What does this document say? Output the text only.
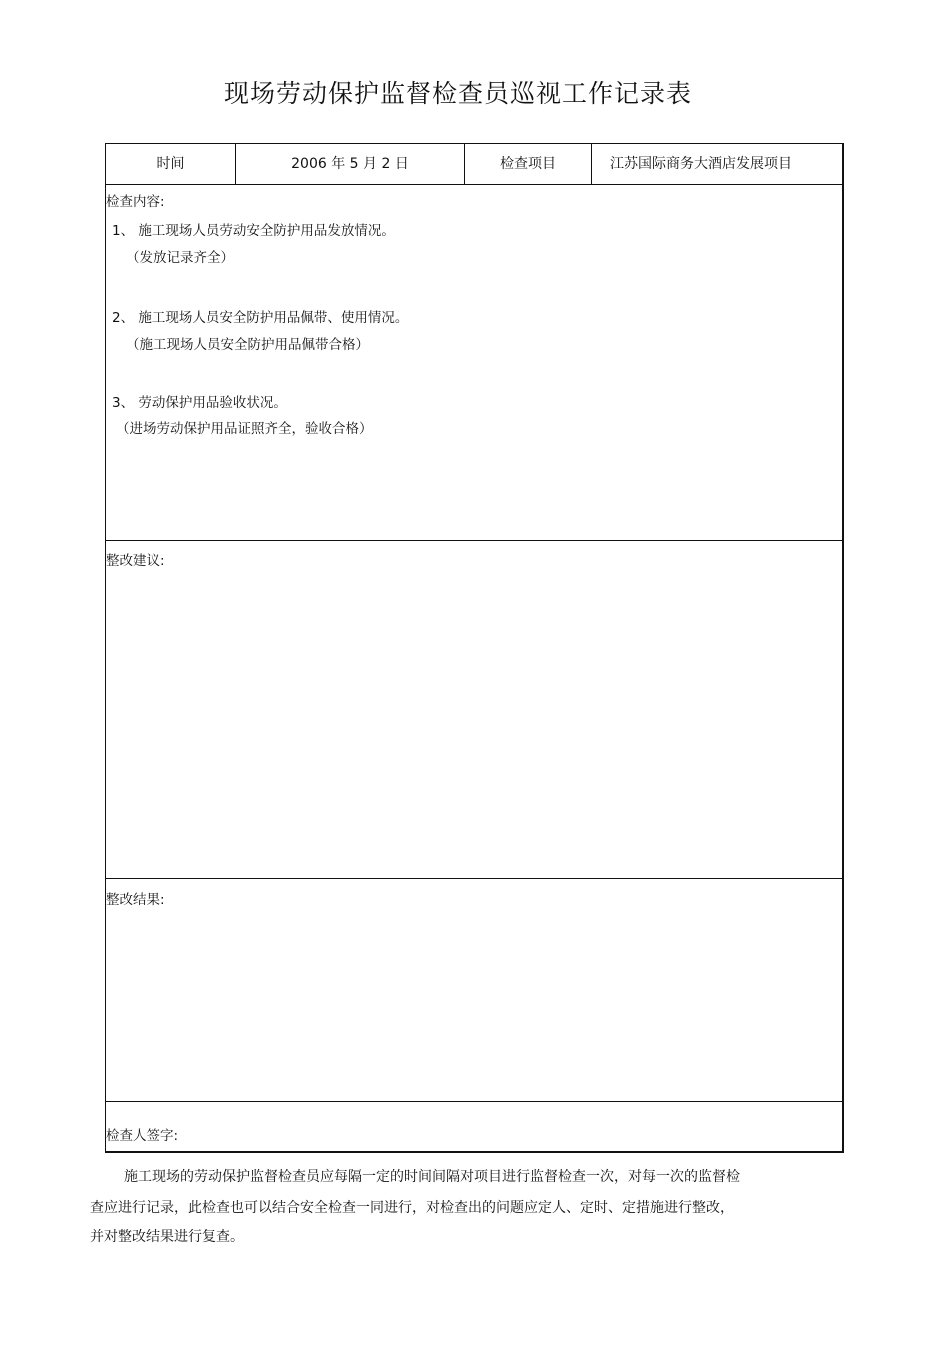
现场劳动保护监督检查员巡视工作记录表
时间	2006 年 5 月 2 日	检查项目	江苏国际商务大酒店发展项目
检查内容:
1、 施工现场人员劳动安全防护用品发放情况。
（发放记录齐全）
2、 施工现场人员安全防护用品佩带、使用情况。
（施工现场人员安全防护用品佩带合格）
3、 劳动保护用品验收状况。
（进场劳动保护用品证照齐全，验收合格）
整改建议:
整改结果:
检查人签字:
施工现场的劳动保护监督检查员应每隔一定的时间间隔对项目进行监督检查一次，对每一次的监督检
查应进行记录，此检查也可以结合安全检查一同进行，对检查出的问题应定人、定时、定措施进行整改，
并对整改结果进行复查。
